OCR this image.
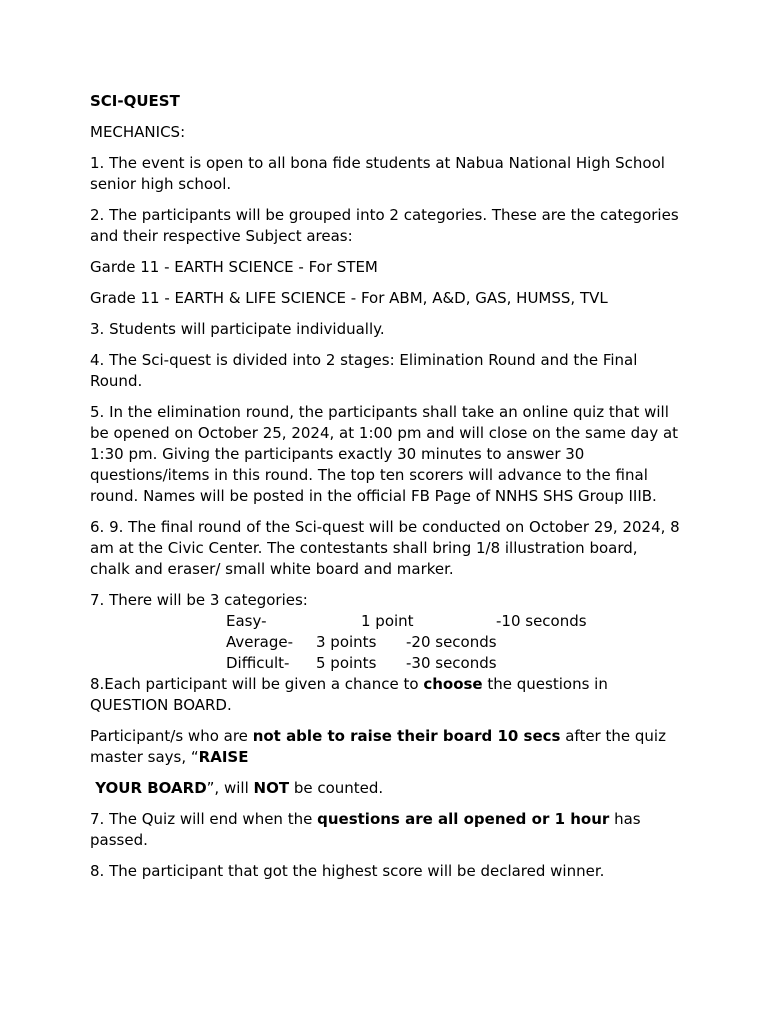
SCI-QUEST

MECHANICS:

1. The event is open to all bona fide students at Nabua National High School senior high school.

2. The participants will be grouped into 2 categories. These are the categories and their respective Subject areas:

Garde 11 - EARTH SCIENCE - For STEM

Grade 11 - EARTH & LIFE SCIENCE - For ABM, A&D, GAS, HUMSS, TVL

3. Students will participate individually.

4. The Sci-quest is divided into 2 stages: Elimination Round and the Final Round.

5. In the elimination round, the participants shall take an online quiz that will be opened on October 25, 2024, at 1:00 pm and will close on the same day at 1:30 pm. Giving the participants exactly 30 minutes to answer 30 questions/items in this round. The top ten scorers will advance to the final round. Names will be posted in the official FB Page of NNHS SHS Group IIIB.

6. 9. The final round of the Sci-quest will be conducted on October 29, 2024, 8 am at the Civic Center. The contestants shall bring 1/8 illustration board, chalk and eraser/ small white board and marker.

7. There will be 3 categories:

Easy-	1 point	-10 seconds
Average-	3 points	-20 seconds
Difficult-	5 points	-30 seconds

8.Each participant will be given a chance to choose the questions in QUESTION BOARD.

Participant/s who are not able to raise their board 10 secs after the quiz master says, “RAISE

YOUR BOARD”, will NOT be counted.

7. The Quiz will end when the questions are all opened or 1 hour has passed.

8. The participant that got the highest score will be declared winner.
